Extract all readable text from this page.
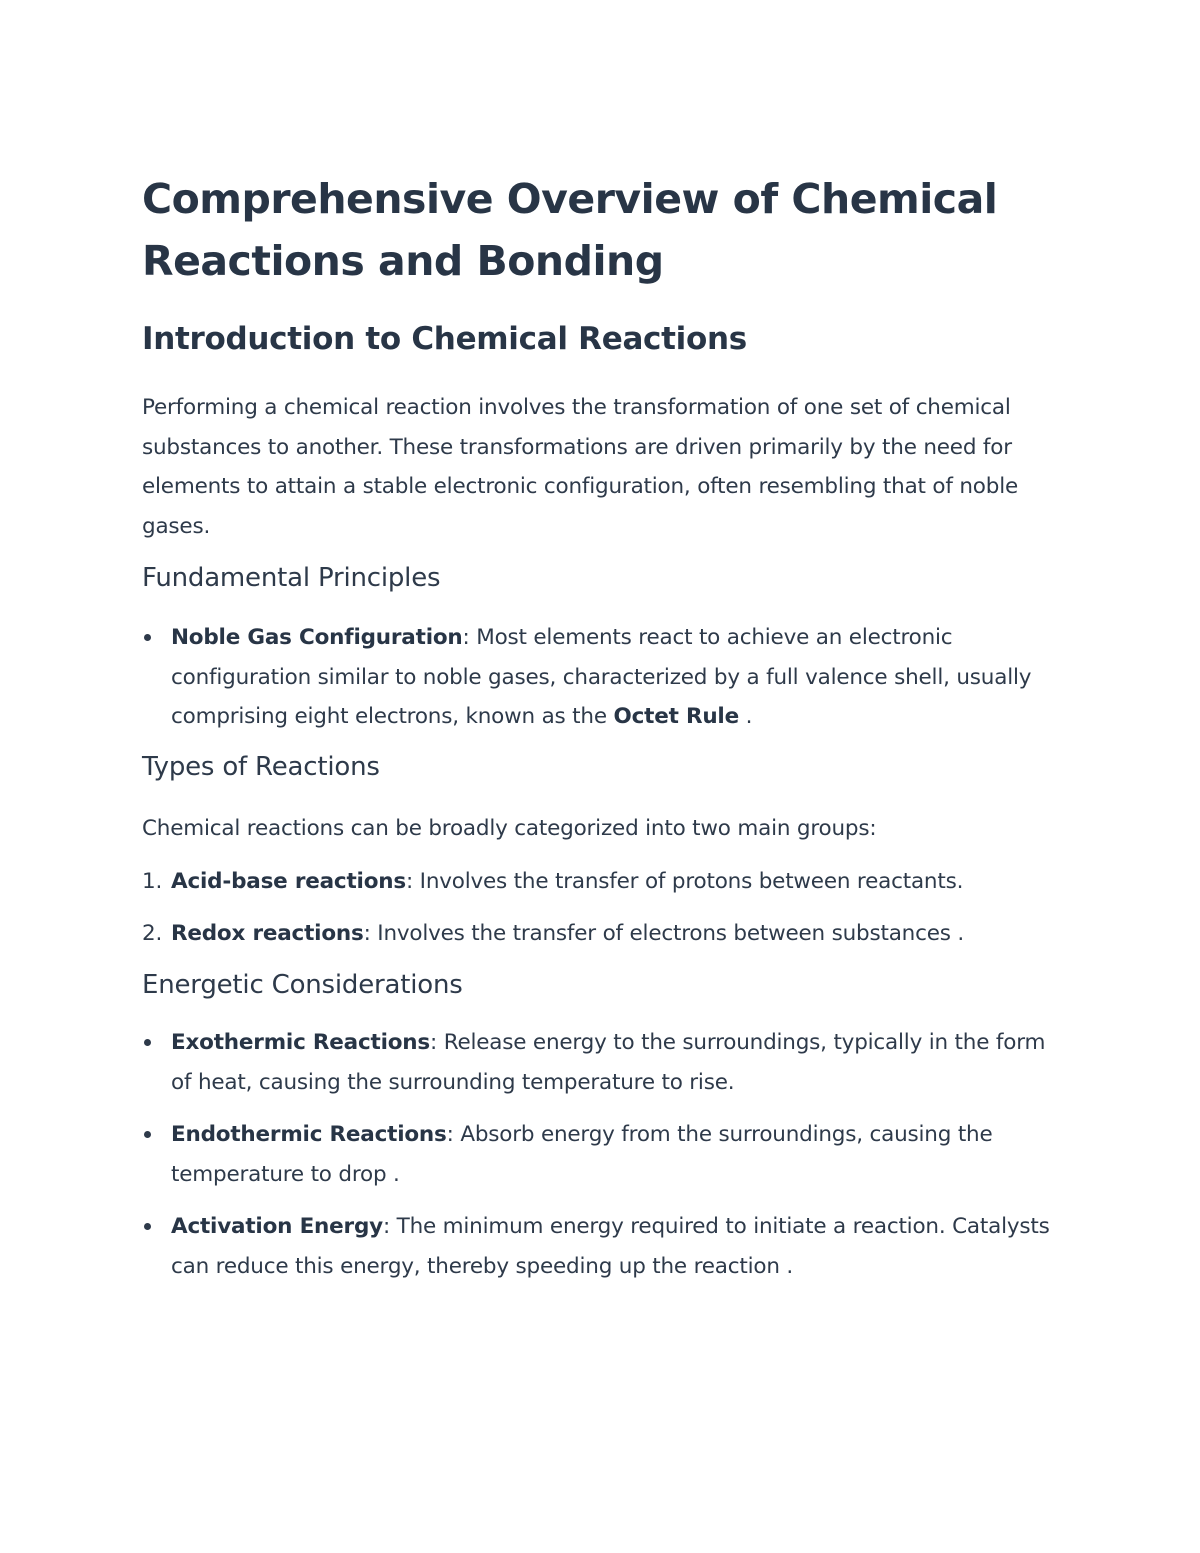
Comprehensive Overview of Chemical Reactions and Bonding
Introduction to Chemical Reactions

Performing a chemical reaction involves the transformation of one set of chemical substances to another. These transformations are driven primarily by the need for elements to attain a stable electronic configuration, often resembling that of noble gases.

Fundamental Principles
Noble Gas Configuration: Most elements react to achieve an electronic configuration similar to noble gases, characterized by a full valence shell, usually comprising eight electrons, known as the Octet Rule .
Types of Reactions

Chemical reactions can be broadly categorized into two main groups:

1. Acid-base reactions: Involves the transfer of protons between reactants.
2. Redox reactions: Involves the transfer of electrons between substances .
Energetic Considerations
Exothermic Reactions: Release energy to the surroundings, typically in the form of heat, causing the surrounding temperature to rise.
Endothermic Reactions: Absorb energy from the surroundings, causing the temperature to drop .
Activation Energy: The minimum energy required to initiate a reaction. Catalysts can reduce this energy, thereby speeding up the reaction .
